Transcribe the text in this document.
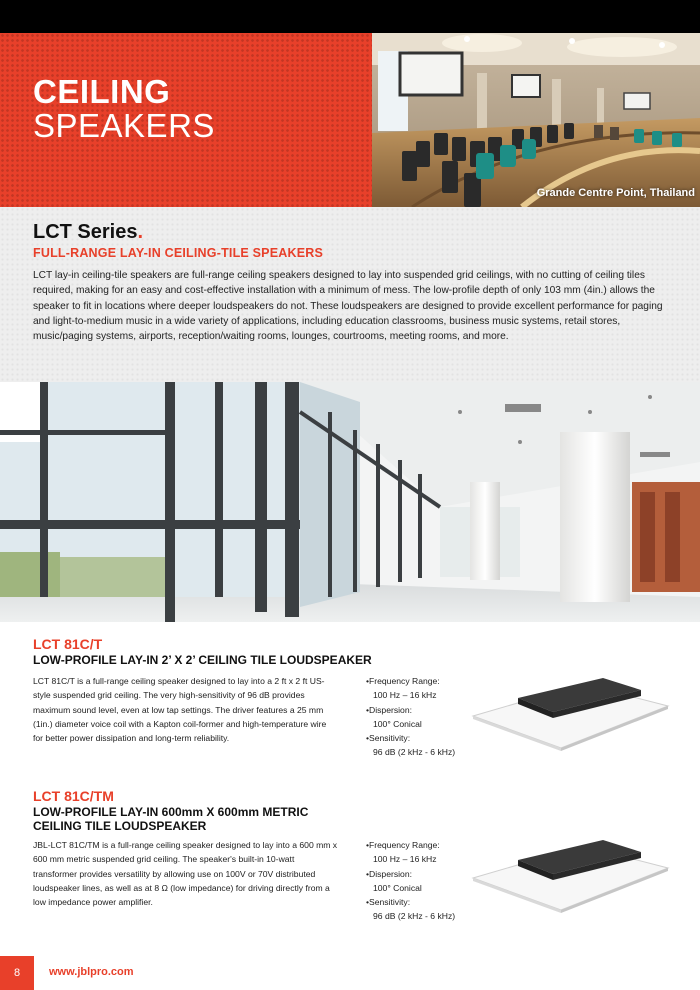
CEILING
SPEAKERS
Grande Centre Point, Thailand
LCT Series.
FULL-RANGE LAY-IN CEILING-TILE SPEAKERS

LCT lay-in ceiling-tile speakers are full-range ceiling speakers designed to lay into suspended grid ceilings, with no cutting of ceiling tiles required, making for an easy and cost-effective installation with a minimum of mess. The low-profile depth of only 103 mm (4in.) allows the speaker to fit in locations where deeper loudspeakers do not. These loudspeakers are designed to provide excellent performance for paging and light-to-medium music in a wide variety of applications, including education classrooms, business music systems, retail stores, music/paging systems, airports, reception/waiting rooms, lounges, courtrooms, meeting rooms, and more.

LCT 81C/T
LOW-PROFILE LAY-IN 2’ X 2’ CEILING TILE LOUDSPEAKER

LCT 81C/T is a full-range ceiling speaker designed to lay into a 2 ft x 2 ft US-style suspended grid ceiling. The very high-sensitivity of 96 dB provides maximum sound level, even at low tap settings. The driver features a 25 mm (1in.) diameter voice coil with a Kapton coil-former and high-temperature wire for better power dissipation and long-term reliability.

• Frequency Range:
100 Hz – 16 kHz
• Dispersion:
100° Conical
• Sensitivity:
96 dB (2 kHz - 6 kHz)
LCT 81C/TM
LOW-PROFILE LAY-IN 600mm X 600mm METRIC CEILING TILE LOUDSPEAKER

JBL-LCT 81C/TM is a full-range ceiling speaker designed to lay into a 600 mm x 600 mm metric suspended grid ceiling. The speaker's built-in 10-watt transformer provides versatility by allowing use on 100V or 70V distributed loudspeaker lines, as well as at 8 Ω (low impedance) for driving directly from a low impedance power amplifier.

• Frequency Range:
100 Hz – 16 kHz
• Dispersion:
100° Conical
• Sensitivity:
96 dB (2 kHz - 6 kHz)
8	www.jblpro.com
